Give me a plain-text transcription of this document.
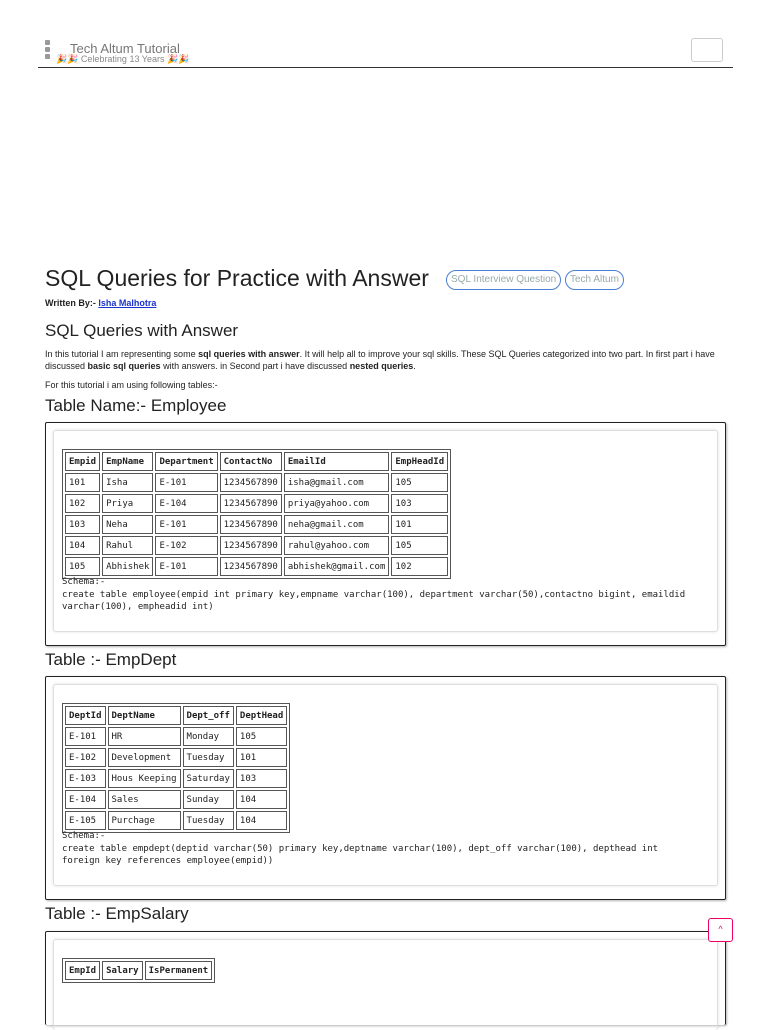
Tech Altum Tutorial
🎉🎉 Celebrating 13 Years 🎉🎉
SQL Queries for Practice with Answer	SQL Interview Question	Tech Altum
Written By:- Isha Malhotra
SQL Queries with Answer
In this tutorial I am representing some sql queries with answer. It will help all to improve your sql skills. These SQL Queries categorized into two part. In first part i have discussed basic sql queries with answers. in Second part i have discussed nested queries.
For this tutorial i am using following tables:-
Table Name:- Employee
Empid	EmpName	Department	ContactNo	EmailId	EmpHeadId
101	Isha	E-101	1234567890	isha@gmail.com	105
102	Priya	E-104	1234567890	priya@yahoo.com	103
103	Neha	E-101	1234567890	neha@gmail.com	101
104	Rahul	E-102	1234567890	rahul@yahoo.com	105
105	Abhishek	E-101	1234567890	abhishek@gmail.com	102
Schema:-
create table employee(empid int primary key,empname varchar(100), department varchar(50),contactno bigint, emaildid varchar(100), empheadid int)
Table :- EmpDept
DeptId	DeptName	Dept_off	DeptHead
E-101	HR	Monday	105
E-102	Development	Tuesday	101
E-103	Hous Keeping	Saturday	103
E-104	Sales	Sunday	104
E-105	Purchage	Tuesday	104
Schema:-
create table empdept(deptid varchar(50) primary key,deptname varchar(100), dept_off varchar(100), depthead int
foreign key references employee(empid))
Table :- EmpSalary
EmpId	Salary	IsPermanent
^
